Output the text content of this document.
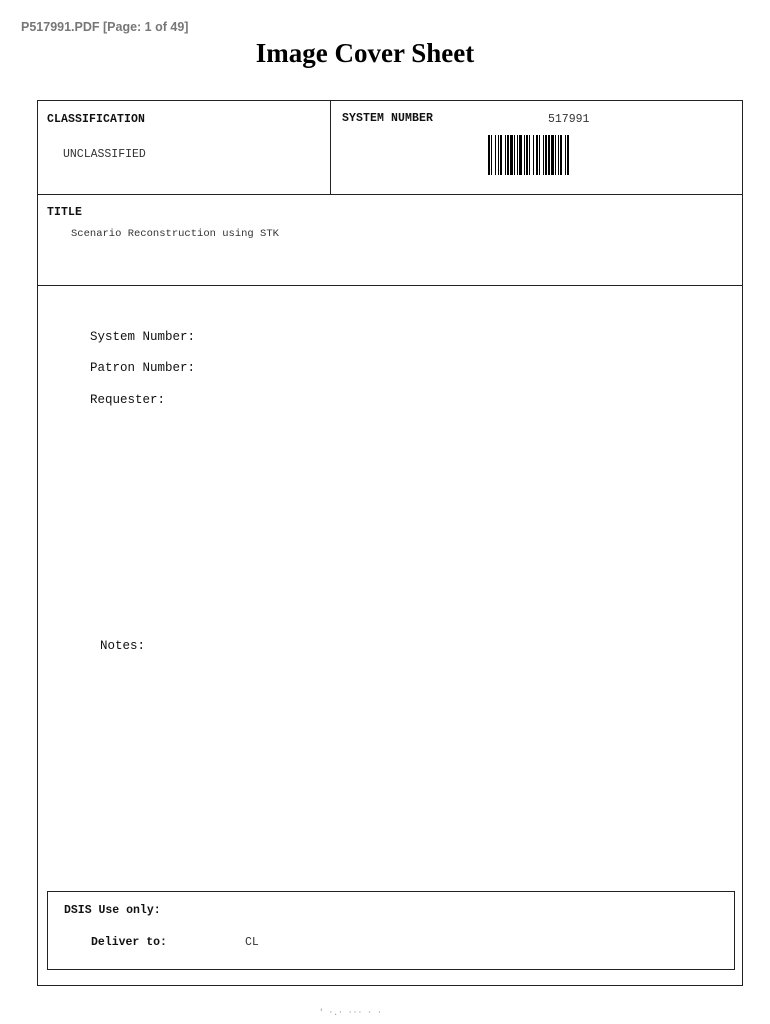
P517991.PDF [Page: 1 of 49]
Image Cover Sheet
CLASSIFICATION
UNCLASSIFIED
SYSTEM NUMBER	517991
TITLE
Scenario Reconstruction using STK
System Number:
Patron Number:
Requester:
Notes:
DSIS Use only:
Deliver to:	CL
' ·.· ··· · ·
